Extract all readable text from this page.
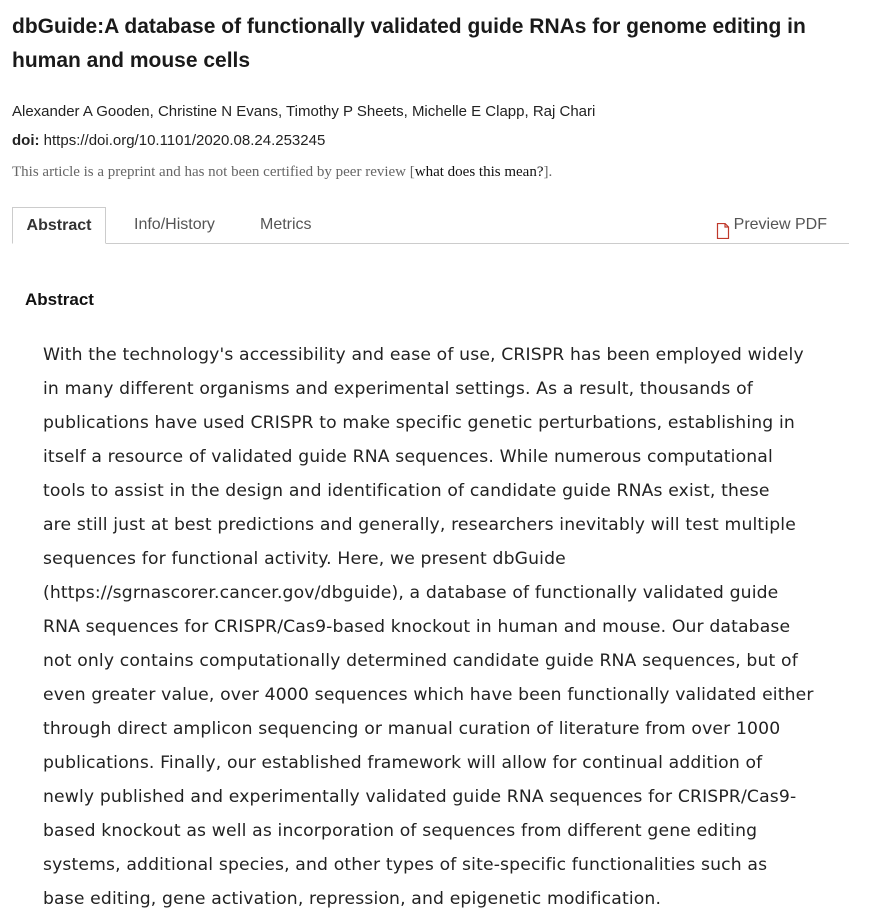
dbGuide:A database of functionally validated guide RNAs for genome editing in human and mouse cells
Alexander A Gooden, Christine N Evans, Timothy P Sheets, Michelle E Clapp, Raj Chari
doi: https://doi.org/10.1101/2020.08.24.253245
This article is a preprint and has not been certified by peer review [what does this mean?].
Abstract	Info/History	Metrics	Preview PDF
Abstract

With the technology's accessibility and ease of use, CRISPR has been employed widely
in many different organisms and experimental settings. As a result, thousands of
publications have used CRISPR to make specific genetic perturbations, establishing in
itself a resource of validated guide RNA sequences. While numerous computational
tools to assist in the design and identification of candidate guide RNAs exist, these
are still just at best predictions and generally, researchers inevitably will test multiple
sequences for functional activity. Here, we present dbGuide
(https://sgrnascorer.cancer.gov/dbguide), a database of functionally validated guide
RNA sequences for CRISPR/Cas9-based knockout in human and mouse. Our database
not only contains computationally determined candidate guide RNA sequences, but of
even greater value, over 4000 sequences which have been functionally validated either
through direct amplicon sequencing or manual curation of literature from over 1000
publications. Finally, our established framework will allow for continual addition of
newly published and experimentally validated guide RNA sequences for CRISPR/Cas9-
based knockout as well as incorporation of sequences from different gene editing
systems, additional species, and other types of site-specific functionalities such as
base editing, gene activation, repression, and epigenetic modification.
